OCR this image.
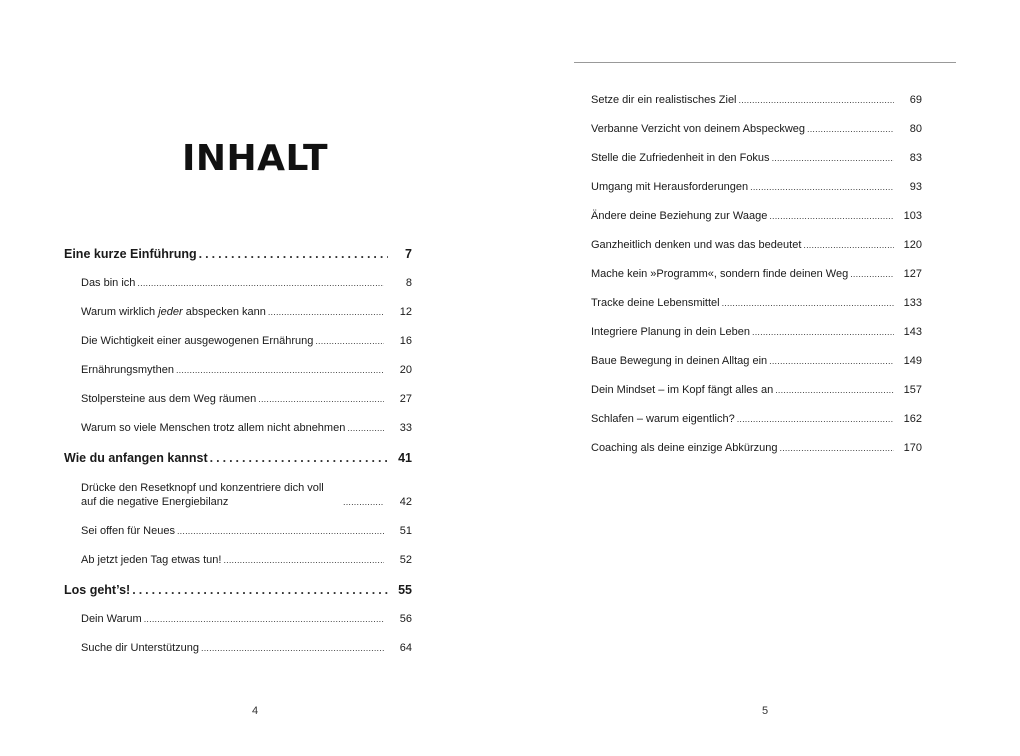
INHALT
Eine kurze Einführung .....	7
Das bin ich .....	8
Warum wirklich jeder abspecken kann .....	12
Die Wichtigkeit einer ausgewogenen Ernährung .....	16
Ernährungsmythen .....	20
Stolpersteine aus dem Weg räumen .....	27
Warum so viele Menschen trotz allem nicht abnehmen .....	33
Wie du anfangen kannst .....	41
Drücke den Resetknopf und konzentriere dich voll
auf die negative Energiebilanz .....	42
Sei offen für Neues .....	51
Ab jetzt jeden Tag etwas tun! .....	52
Los geht’s! .....	55
Dein Warum .....	56
Suche dir Unterstützung .....	64
4
Setze dir ein realistisches Ziel .....	69
Verbanne Verzicht von deinem Abspeckweg .....	80
Stelle die Zufriedenheit in den Fokus .....	83
Umgang mit Herausforderungen .....	93
Ändere deine Beziehung zur Waage .....	103
Ganzheitlich denken und was das bedeutet .....	120
Mache kein »Programm«, sondern finde deinen Weg .....	127
Tracke deine Lebensmittel .....	133
Integriere Planung in dein Leben .....	143
Baue Bewegung in deinen Alltag ein .....	149
Dein Mindset – im Kopf fängt alles an .....	157
Schlafen – warum eigentlich? .....	162
Coaching als deine einzige Abkürzung .....	170
5
